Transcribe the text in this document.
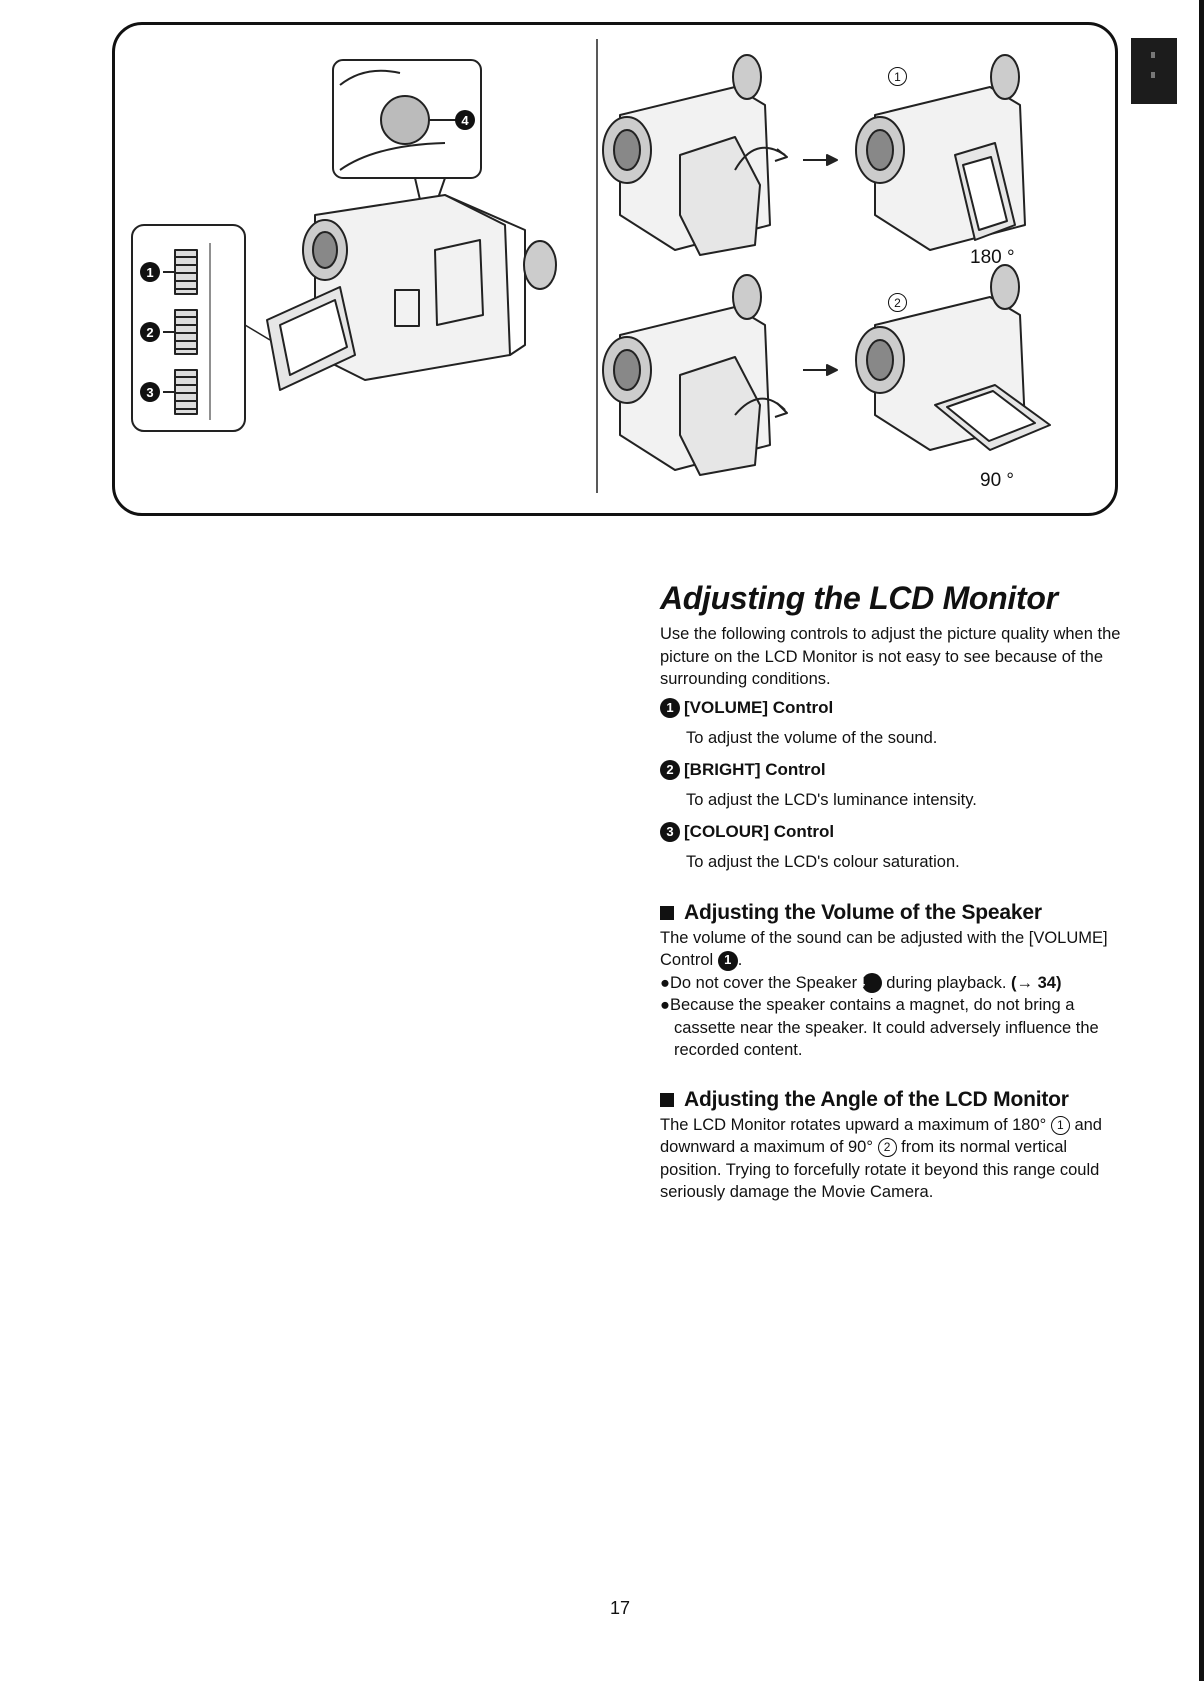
1
2
3
4
1
2
180 °
90 °
Adjusting the LCD Monitor

Use the following controls to adjust the picture quality when the picture on the LCD Monitor is not easy to see because of the surrounding conditions.

1 [VOLUME] Control

To adjust the volume of the sound.

2 [BRIGHT] Control

To adjust the LCD's luminance intensity.

3 [COLOUR] Control

To adjust the LCD's colour saturation.

Adjusting the Volume of the Speaker

The volume of the sound can be adjusted with the [VOLUME] Control 1 .

●Do not cover the Speaker 4 during playback. (→ 34)

●Because the speaker contains a magnet, do not bring a cassette near the speaker. It could adversely influence the recorded content.

Adjusting the Angle of the LCD Monitor

The LCD Monitor rotates upward a maximum of 180° 1 and downward a maximum of 90° 2 from its normal vertical position. Trying to forcefully rotate it beyond this range could seriously damage the Movie Camera.

17
